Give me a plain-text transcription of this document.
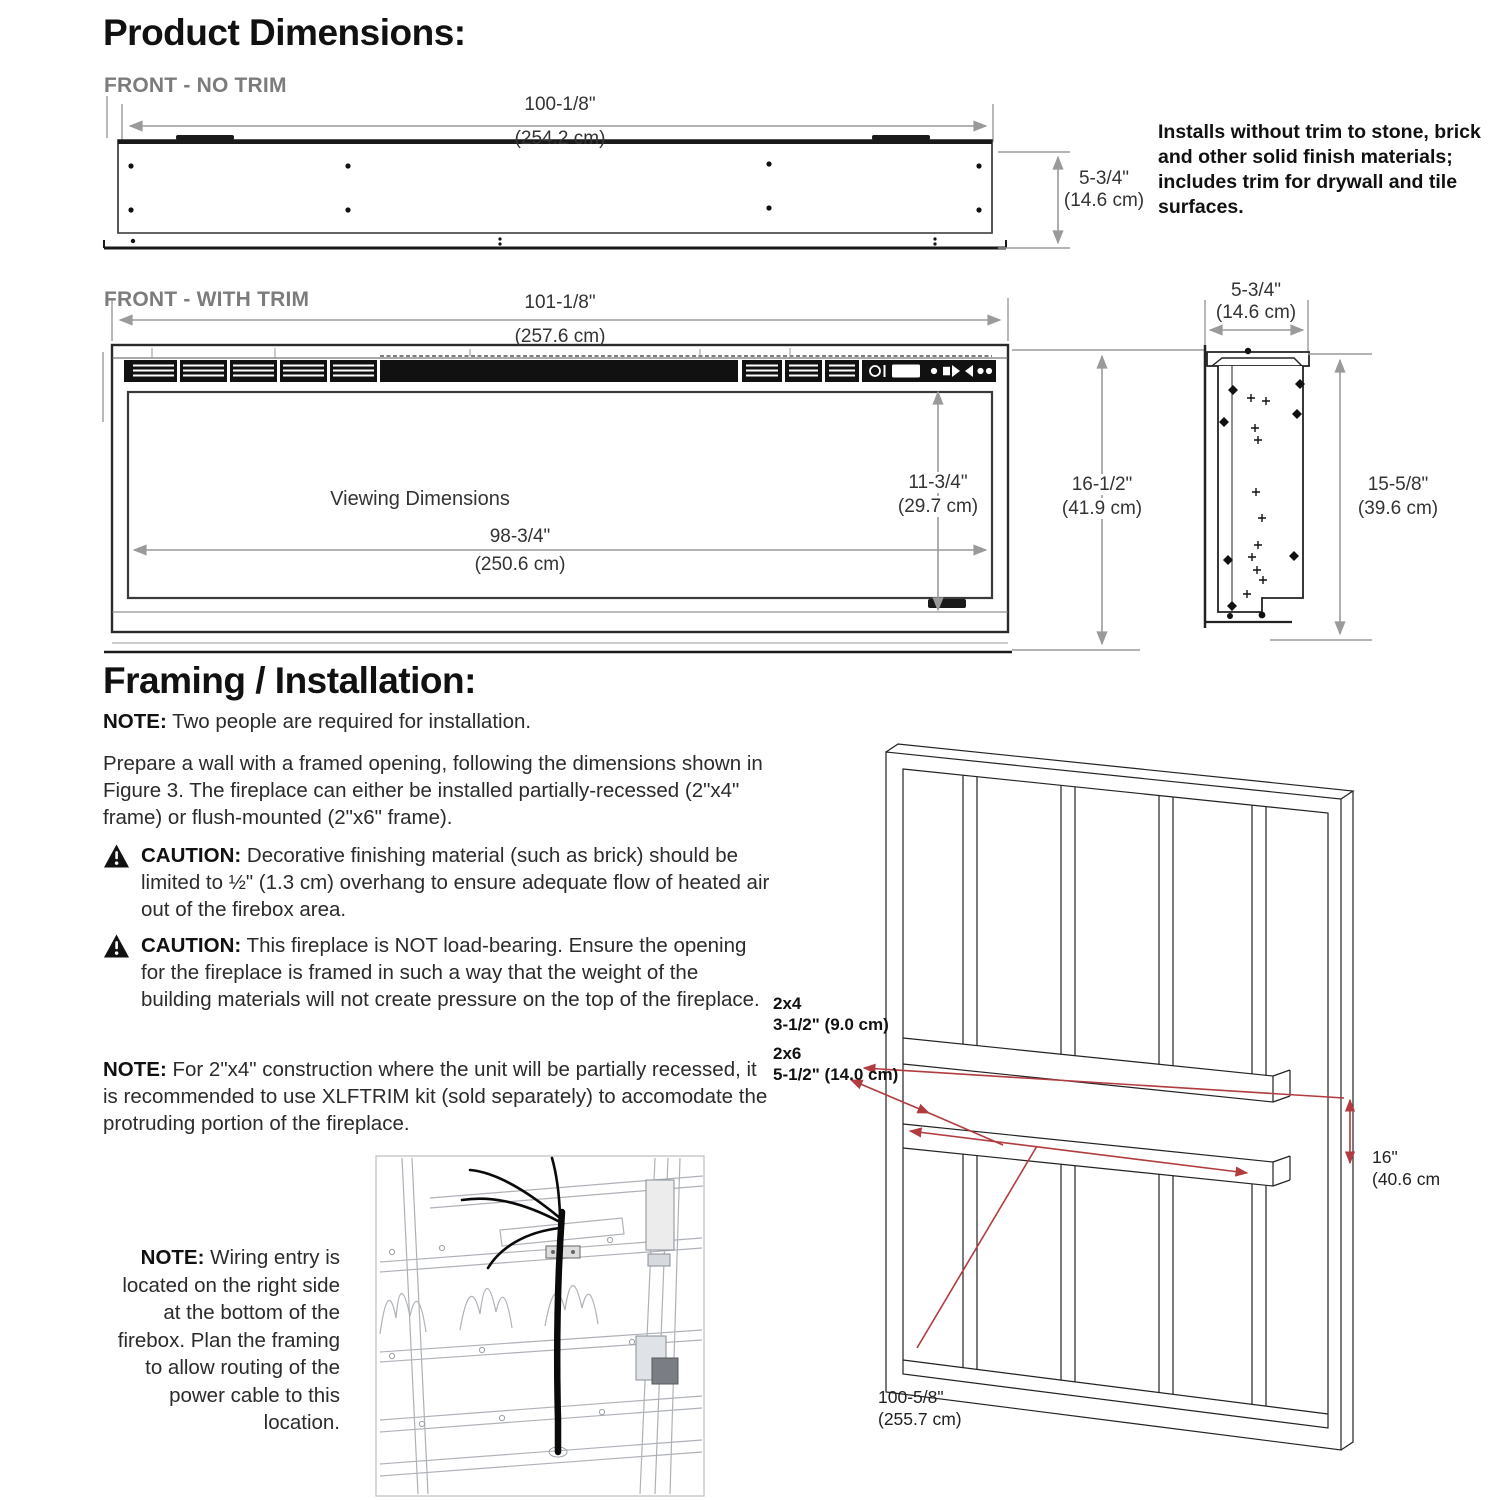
Product Dimensions:
FRONT - NO TRIM
100-1/8"
(254.2 cm)
5-3/4"
(14.6 cm)
Installs without trim to stone, brick and other solid finish materials; includes trim for drywall and tile surfaces.
FRONT - WITH TRIM	101-1/8"
(257.6 cm)
Viewing Dimensions
98-3/4"
(250.6 cm)
11-3/4"
(29.7 cm)
16-1/2"
(41.9 cm)
5-3/4"
(14.6 cm)
15-5/8"
(39.6 cm)
Framing / Installation:
NOTE: Two people are required for installation.
Prepare a wall with a framed opening, following the dimensions shown in Figure 3. The fireplace can either be installed partially-recessed (2"x4" frame) or flush-mounted (2"x6" frame).
CAUTION: Decorative finishing material (such as brick) should be limited to ½" (1.3 cm) overhang to ensure adequate flow of heated air out of the firebox area.
CAUTION: This fireplace is NOT load-bearing. Ensure the opening for the fireplace is framed in such a way that the weight of the building materials will not create pressure on the top of the fireplace.
NOTE: For 2"x4" construction where the unit will be partially recessed, it is recommended to use XLFTRIM kit (sold separately) to accomodate the protruding portion of the fireplace.
2x4
3-1/2" (9.0 cm)
2x6
5-1/2" (14.0 cm)
16"
(40.6 cm
100-5/8"
(255.7 cm)
NOTE: Wiring entry is located on the right side at the bottom of the firebox. Plan the framing to allow routing of the power cable to this location.
